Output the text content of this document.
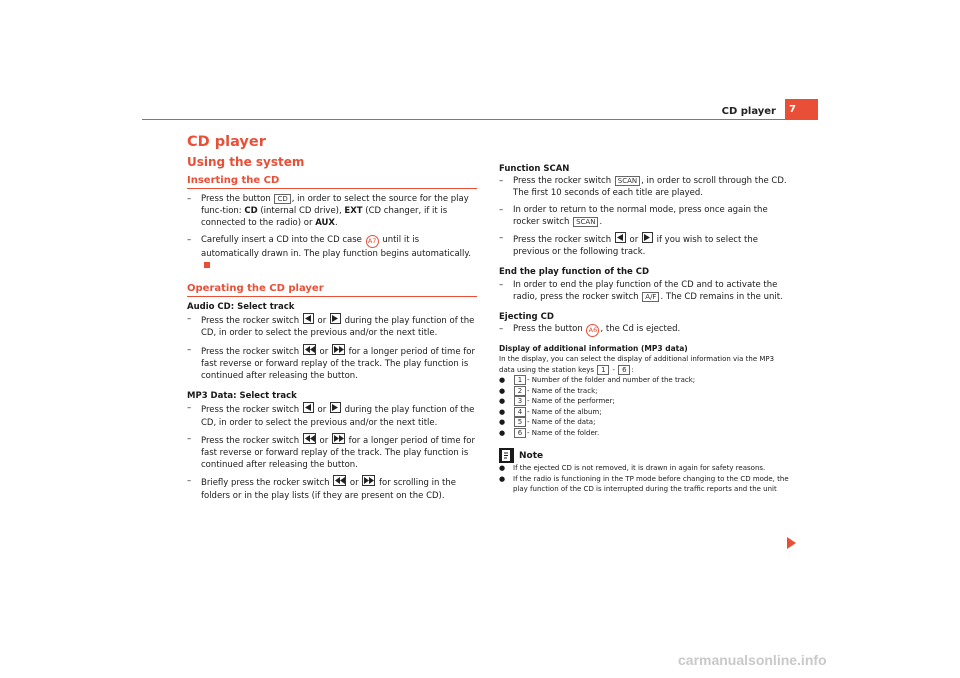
CD player	7
CD player
Using the system
Inserting the CD
– Press the button CD , in order to select the source for the play func-tion: CD (internal CD drive), EXT (CD changer, if it is connected to the radio) or AUX.
– Carefully insert a CD into the CD case A7 until it is automatically drawn in. The play function begins automatically.
Operating the CD player

Audio CD: Select track

– Press the rocker switch or during the play function of the CD, in order to select the previous and/or the next title.
– Press the rocker switch or for a longer period of time for fast reverse or forward replay of the track. The play function is continued after releasing the button.

MP3 Data: Select track

– Press the rocker switch or during the play function of the CD, in order to select the previous and/or the next title.
– Press the rocker switch or for a longer period of time for fast reverse or forward replay of the track. The play function is continued after releasing the button.
– Briefly press the rocker switch or for scrolling in the folders or in the play lists (if they are present on the CD).

Function SCAN

– Press the rocker switch SCAN , in order to scroll through the CD. The first 10 seconds of each title are played.
– In order to return to the normal mode, press once again the rocker switch SCAN .
– Press the rocker switch or if you wish to select the previous or the following track.

End the play function of the CD

– In order to end the play function of the CD and to activate the radio, press the rocker switch A/F . The CD remains in the unit.

Ejecting CD

– Press the button A6 , the Cd is ejected.
Display of additional information (MP3 data)
In the display, you can select the display of additional information via the MP3 data using the station keys 1 - 6 :
● 1 - Number of the folder and number of the track;
● 2 - Name of the track;
● 3 - Name of the performer;
● 4 - Name of the album;
● 5 - Name of the data;
● 6 - Name of the folder.
Note
● If the ejected CD is not removed, it is drawn in again for safety reasons.
● If the radio is functioning in the TP mode before changing to the CD mode, the play function of the CD is interrupted during the traffic reports and the unit
carmanualsonline.info
